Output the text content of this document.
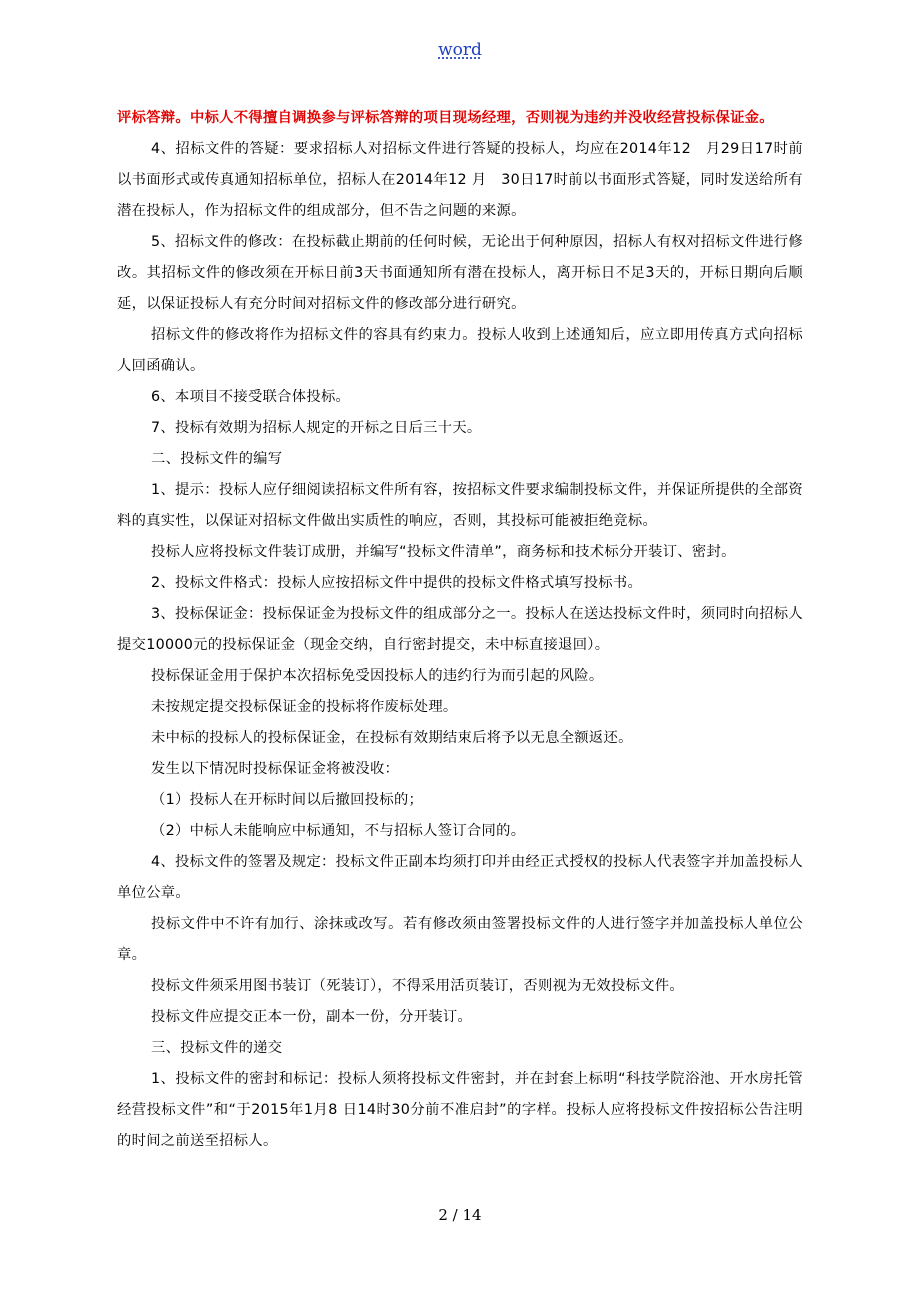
word

评标答辩。中标人不得擅自调换参与评标答辩的项目现场经理，否则视为违约并没收经营投标保证金。

4、招标文件的答疑：要求招标人对招标文件进行答疑的投标人，均应在2014年12　月29日17时前以书面形式或传真通知招标单位，招标人在2014年12 月　30日17时前以书面形式答疑，同时发送给所有潜在投标人，作为招标文件的组成部分，但不告之问题的来源。

5、招标文件的修改：在投标截止期前的任何时候，无论出于何种原因，招标人有权对招标文件进行修改。其招标文件的修改须在开标日前3天书面通知所有潜在投标人，离开标日不足3天的，开标日期向后顺延，以保证投标人有充分时间对招标文件的修改部分进行研究。

招标文件的修改将作为招标文件的容具有约束力。投标人收到上述通知后，应立即用传真方式向招标人回函确认。

6、本项目不接受联合体投标。

7、投标有效期为招标人规定的开标之日后三十天。

二、投标文件的编写

1、提示：投标人应仔细阅读招标文件所有容，按招标文件要求编制投标文件，并保证所提供的全部资料的真实性，以保证对招标文件做出实质性的响应，否则，其投标可能被拒绝竞标。

投标人应将投标文件装订成册，并编写“投标文件清单”，商务标和技术标分开装订、密封。

2、投标文件格式：投标人应按招标文件中提供的投标文件格式填写投标书。

3、投标保证金：投标保证金为投标文件的组成部分之一。投标人在送达投标文件时，须同时向招标人提交10000元的投标保证金（现金交纳，自行密封提交，未中标直接退回）。

投标保证金用于保护本次招标免受因投标人的违约行为而引起的风险。

未按规定提交投标保证金的投标将作废标处理。

未中标的投标人的投标保证金，在投标有效期结束后将予以无息全额返还。

发生以下情况时投标保证金将被没收：

（1）投标人在开标时间以后撤回投标的；

（2）中标人未能响应中标通知，不与招标人签订合同的。

4、投标文件的签署及规定：投标文件正副本均须打印并由经正式授权的投标人代表签字并加盖投标人单位公章。

投标文件中不许有加行、涂抹或改写。若有修改须由签署投标文件的人进行签字并加盖投标人单位公章。

投标文件须采用图书装订（死装订），不得采用活页装订，否则视为无效投标文件。

投标文件应提交正本一份，副本一份，分开装订。

三、投标文件的递交

1、投标文件的密封和标记：投标人须将投标文件密封，并在封套上标明“科技学院浴池、开水房托管经营投标文件”和“于2015年1月8 日14时30分前不准启封”的字样。投标人应将投标文件按招标公告注明的时间之前送至招标人。

2 / 14
